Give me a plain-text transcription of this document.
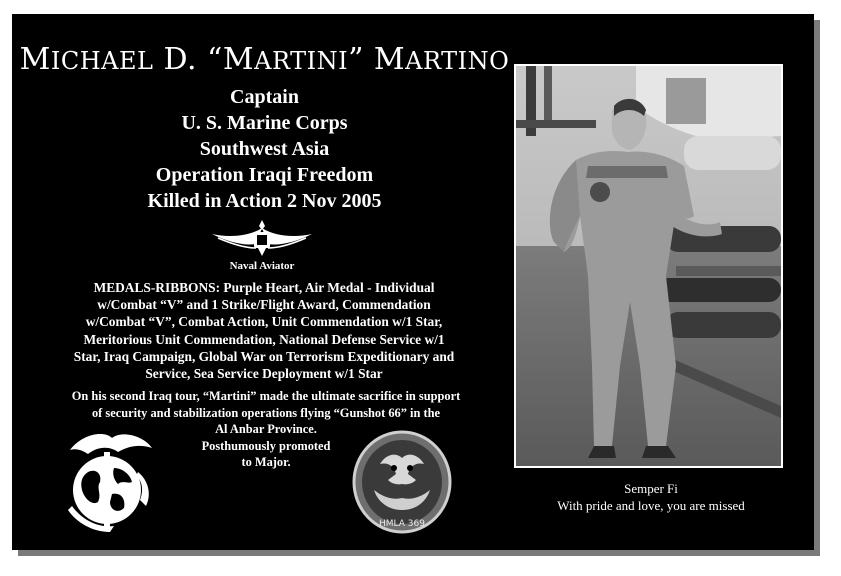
MICHAEL D. “MARTINI” MARTINO
Captain
U. S. Marine Corps
Southwest Asia
Operation Iraqi Freedom
Killed in Action 2 Nov 2005
Naval Aviator
MEDALS-RIBBONS: Purple Heart, Air Medal - Individual
w/Combat “V” and 1 Strike/Flight Award, Commendation
w/Combat “V”, Combat Action, Unit Commendation w/1 Star,
Meritorious Unit Commendation, National Defense Service w/1
Star, Iraq Campaign, Global War on Terrorism Expeditionary and
Service, Sea Service Deployment w/1 Star
On his second Iraq tour, “Martini” made the ultimate sacrifice in support
of security and stabilization operations flying “Gunshot 66” in the
Al Anbar Province.
Posthumously promoted
to Major.
HMLA 369
Semper Fi
With pride and love, you are missed
